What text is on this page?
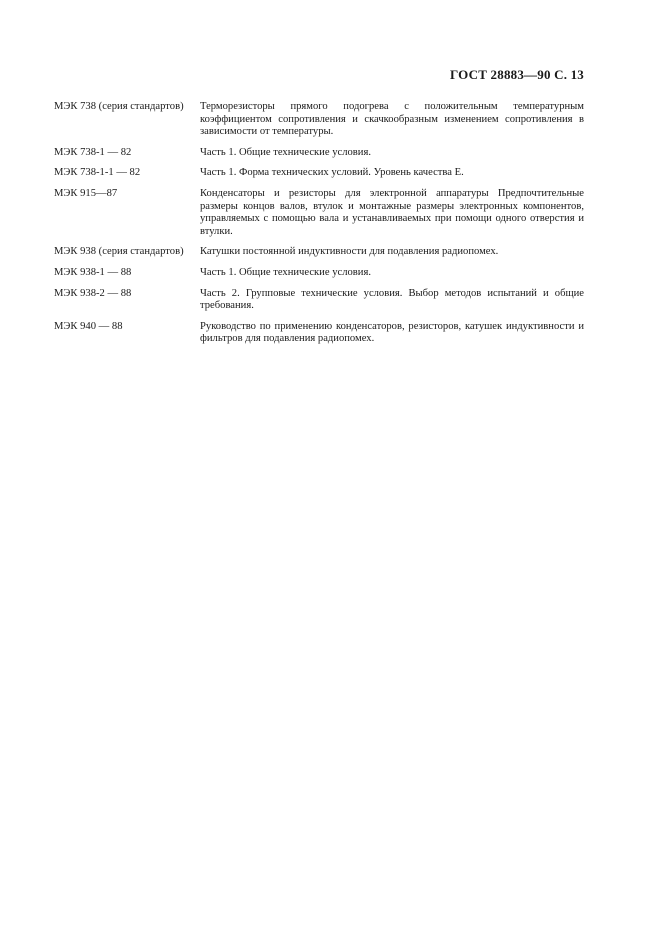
ГОСТ 28883—90 С. 13
МЭК 738 (серия стандартов)	Терморезисторы прямого подогрева с положительным температурным коэффициентом сопротивления и скачкообразным изменением сопротивления в зависимости от температуры.
МЭК 738-1 — 82	Часть 1. Общие технические условия.
МЭК 738-1-1 — 82	Часть 1. Форма технических условий. Уровень качества Е.
МЭК 915—87	Конденсаторы и резисторы для электронной аппаратуры Предпочтительные размеры концов валов, втулок и монтажные размеры электронных компонентов, управляемых с помощью вала и устанавливаемых при помощи одного отверстия и втулки.
МЭК 938 (серия стандартов)	Катушки постоянной индуктивности для подавления радиопомех.
МЭК 938-1 — 88	Часть 1. Общие технические условия.
МЭК 938-2 — 88	Часть 2. Групповые технические условия. Выбор методов испытаний и общие требования.
МЭК 940 — 88	Руководство по применению конденсаторов, резисторов, катушек индуктивности и фильтров для подавления радиопомех.
